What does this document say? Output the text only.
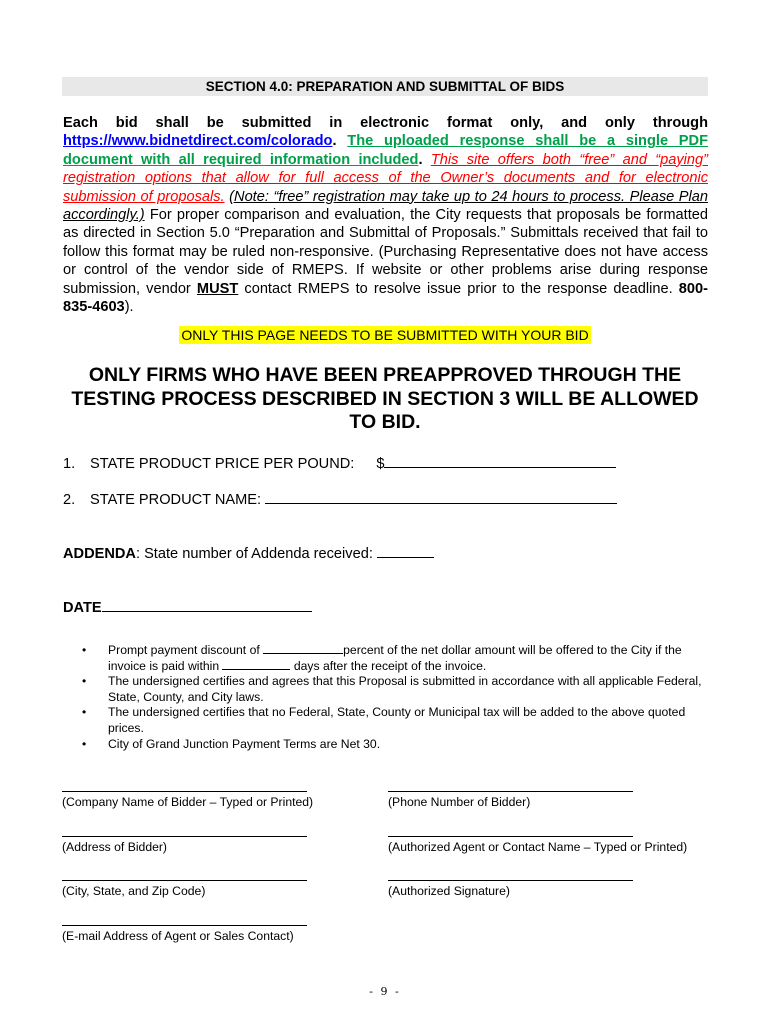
SECTION 4.0: PREPARATION AND SUBMITTAL OF BIDS
Each bid shall be submitted in electronic format only, and only through https://www.bidnetdirect.com/colorado. The uploaded response shall be a single PDF document with all required information included. This site offers both “free” and “paying” registration options that allow for full access of the Owner’s documents and for electronic submission of proposals. (Note: “free” registration may take up to 24 hours to process. Please Plan accordingly.) For proper comparison and evaluation, the City requests that proposals be formatted as directed in Section 5.0 “Preparation and Submittal of Proposals.” Submittals received that fail to follow this format may be ruled non-responsive. (Purchasing Representative does not have access or control of the vendor side of RMEPS. If website or other problems arise during response submission, vendor MUST contact RMEPS to resolve issue prior to the response deadline. 800-835-4603).
ONLY THIS PAGE NEEDS TO BE SUBMITTED WITH YOUR BID
ONLY FIRMS WHO HAVE BEEN PREAPPROVED THROUGH THE TESTING PROCESS DESCRIBED IN SECTION 3 WILL BE ALLOWED TO BID.
1. STATE PRODUCT PRICE PER POUND: $
2. STATE PRODUCT NAME:
ADDENDA: State number of Addenda received:
DATE
•	Prompt payment discount of	percent of the net dollar amount will be offered to the City if the invoice is paid within	days after the receipt of the invoice.
•	The undersigned certifies and agrees that this Proposal is submitted in accordance with all applicable Federal, State, County, and City laws.
•	The undersigned certifies that no Federal, State, County or Municipal tax will be added to the above quoted prices.
•	City of Grand Junction Payment Terms are Net 30.
(Company Name of Bidder – Typed or Printed)	(Phone Number of Bidder)
(Address of Bidder)	(Authorized Agent or Contact Name – Typed or Printed)
(City, State, and Zip Code)	(Authorized Signature)
(E-mail Address of Agent or Sales Contact)
- 9 -
